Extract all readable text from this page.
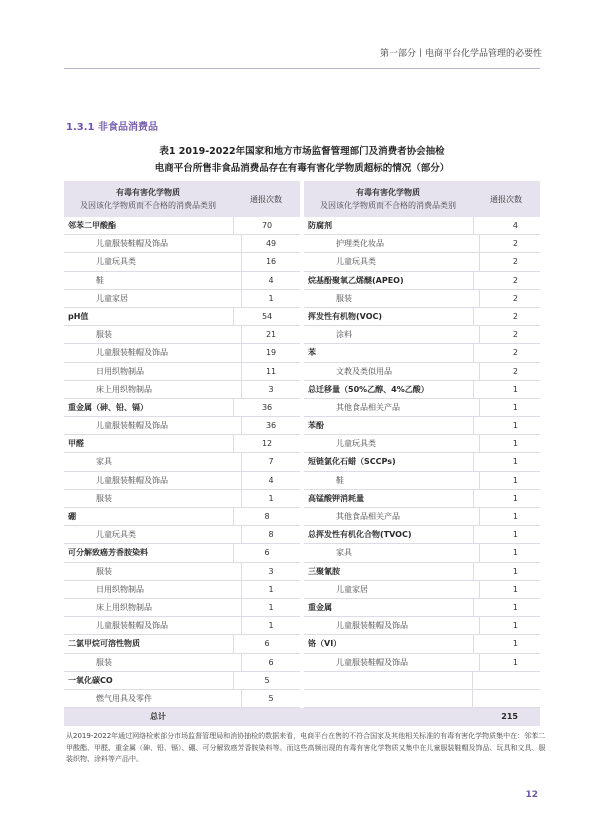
第一部分丨电商平台化学品管理的必要性
1.3.1 非食品消费品
表1 2019-2022年国家和地方市场监督管理部门及消费者协会抽检
电商平台所售非食品消费品存在有毒有害化学物质超标的情况（部分）
有毒有害化学物质
及因该化学物质而不合格的消费品类别
通报次数
有毒有害化学物质
及因该化学物质而不合格的消费品类别
通报次数
邻苯二甲酸酯	70
儿童服装鞋帽及饰品	49
儿童玩具类	16
鞋	4
儿童家居	1
pH值	54
服装	21
儿童服装鞋帽及饰品	19
日用织物制品	11
床上用织物制品	3
重金属（砷、铅、镉）	36
儿童服装鞋帽及饰品	36
甲醛	12
家具	7
儿童服装鞋帽及饰品	4
服装	1
硼	8
儿童玩具类	8
可分解致癌芳香胺染料	6
服装	3
日用织物制品	1
床上用织物制品	1
儿童服装鞋帽及饰品	1
二氯甲烷可溶性物质	6
服装	6
一氧化碳CO	5
燃气用具及零件	5
防腐剂	4
护理类化妆品	2
儿童玩具类	2
烷基酚聚氧乙烯醚(APEO)	2
服装	2
挥发性有机物(VOC)	2
涂料	2
苯	2
文教及类似用品	2
总迁移量（50%乙醇、4%乙酸）	1
其他食品相关产品	1
苯酚	1
儿童玩具类	1
短链氯化石蜡（SCCPs)	1
鞋	1
高锰酸钾消耗量	1
其他食品相关产品	1
总挥发性有机化合物(TVOC)	1
家具	1
三聚氰胺	1
儿童家居	1
重金属	1
儿童服装鞋帽及饰品	1
铬（VI）	1
儿童服装鞋帽及饰品	1
总计	215
从2019-2022年通过网络检索部分市场监督管理局和消协抽检的数据来看，电商平台在售的不符合国家及其他相关标准的有毒有害化学物质集中在：邻苯二甲酸酯、甲醛、重金属（砷、铅、镉）、硼、可分解致癌芳香胺染料等。而这些高频出现的有毒有害化学物质又集中在儿童服装鞋帽及饰品、玩具和文具、服装织物、涂料等产品中。
12
